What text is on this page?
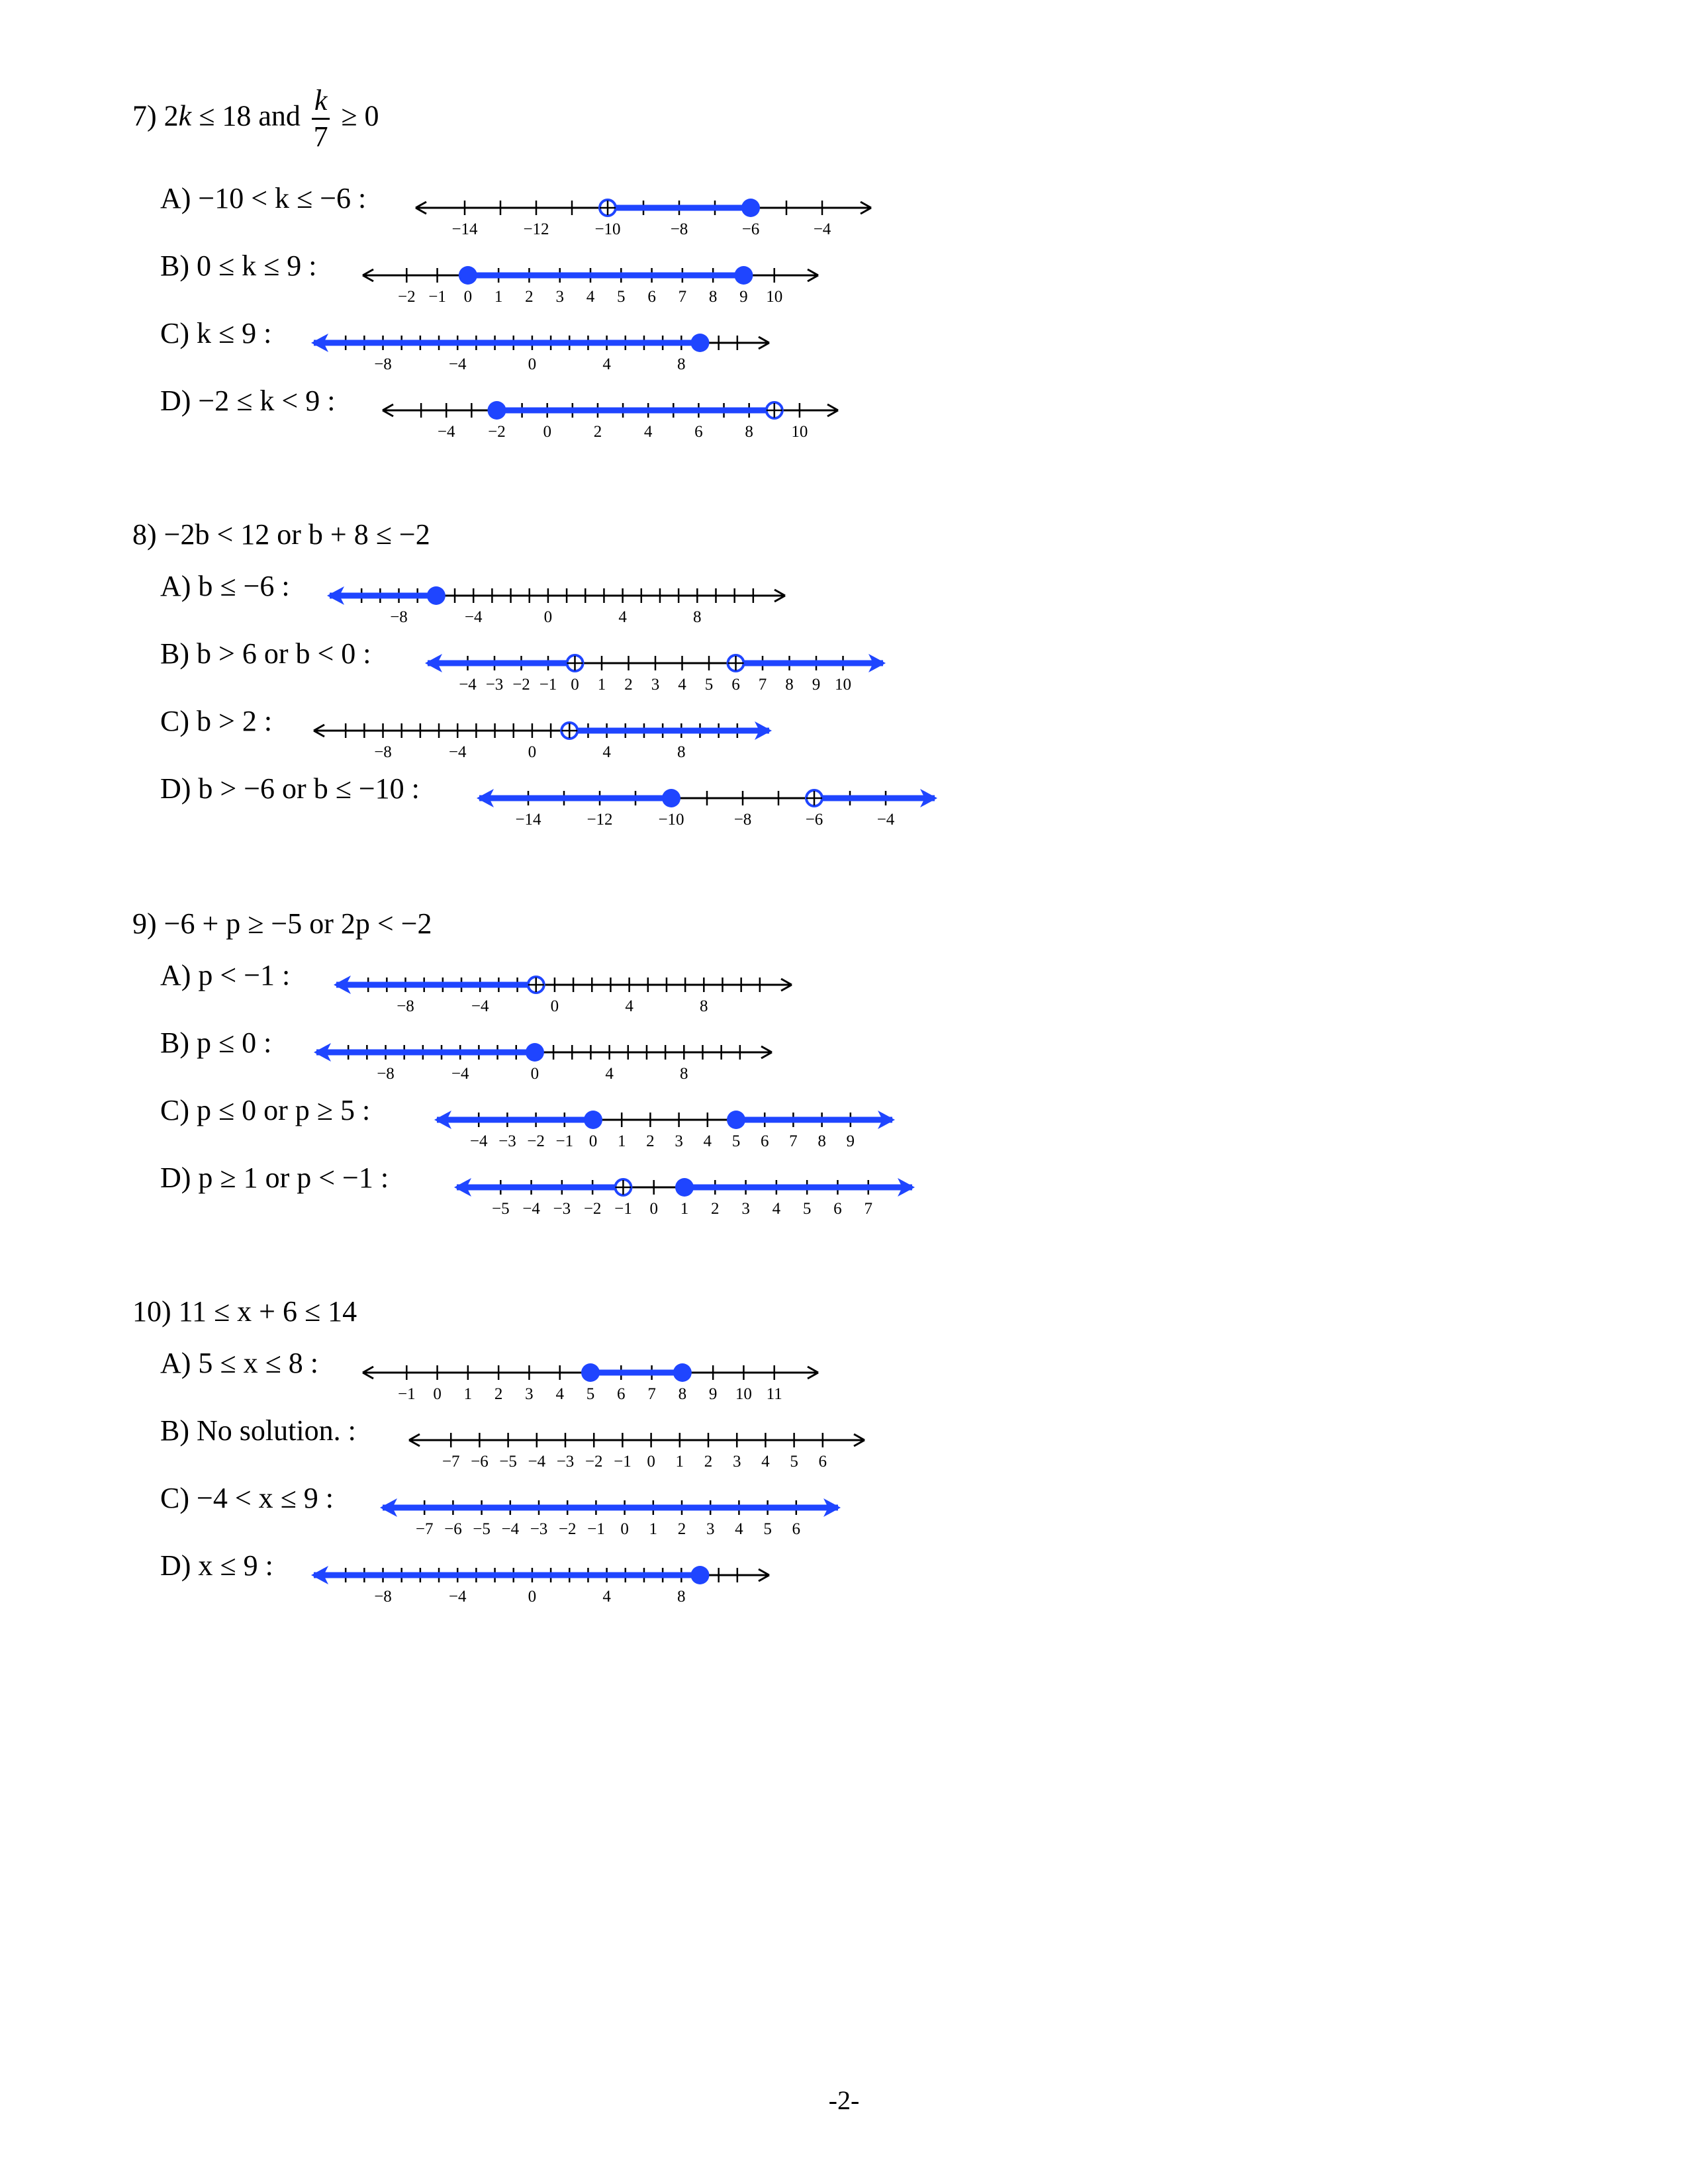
7) 2k ≤ 18 and $\frac{k}{7} \ge 0$
A) −10 < k ≤ −6 :
−14	−12	−10	−8	−6	−4
B) 0 ≤ k ≤ 9 :
−2 −1 0 1 2 3 4 5 6 7 8 9 10
C) k ≤ 9 :
−8	−4	0	4	8
D) −2 ≤ k < 9 :
−4 −2 0	2	4	6	8 10
8) −2b < 12 or b + 8 ≤ −2
A) b ≤ −6 :
−8	−4	0	4	8
B) b > 6 or b < 0 :
−4 −3 −2 −1 0 1 2 3 4 5 6 7 8 9 10
C) b > 2 :
−8	−4	0	4	8
D) b > −6 or b ≤ −10 :
−14	−12	−10	−8	−6	−4
9) −6 + p ≥ −5 or 2p < −2
A) p < −1 :
−8	−4	0	4	8
B) p ≤ 0 :
−8	−4	0	4	8
C) p ≤ 0 or p ≥ 5 :
−4 −3 −2 −1 0 1 2 3 4 5 6 7 8 9
D) p ≥ 1 or p < −1 :
−5 −4 −3 −2 −1 0 1 2 3 4 5 6 7
10) 11 ≤ x + 6 ≤ 14
A) 5 ≤ x ≤ 8 :
−1 0 1 2 3 4 5 6 7 8 9 10 11
B) No solution. :
−7 −6 −5 −4 −3 −2 −1 0 1 2 3 4 5 6
C) −4 < x ≤ 9 :
−7 −6 −5 −4 −3 −2 −1 0 1 2 3 4 5 6
D) x ≤ 9 :
−8	−4	0	4	8
-2-
